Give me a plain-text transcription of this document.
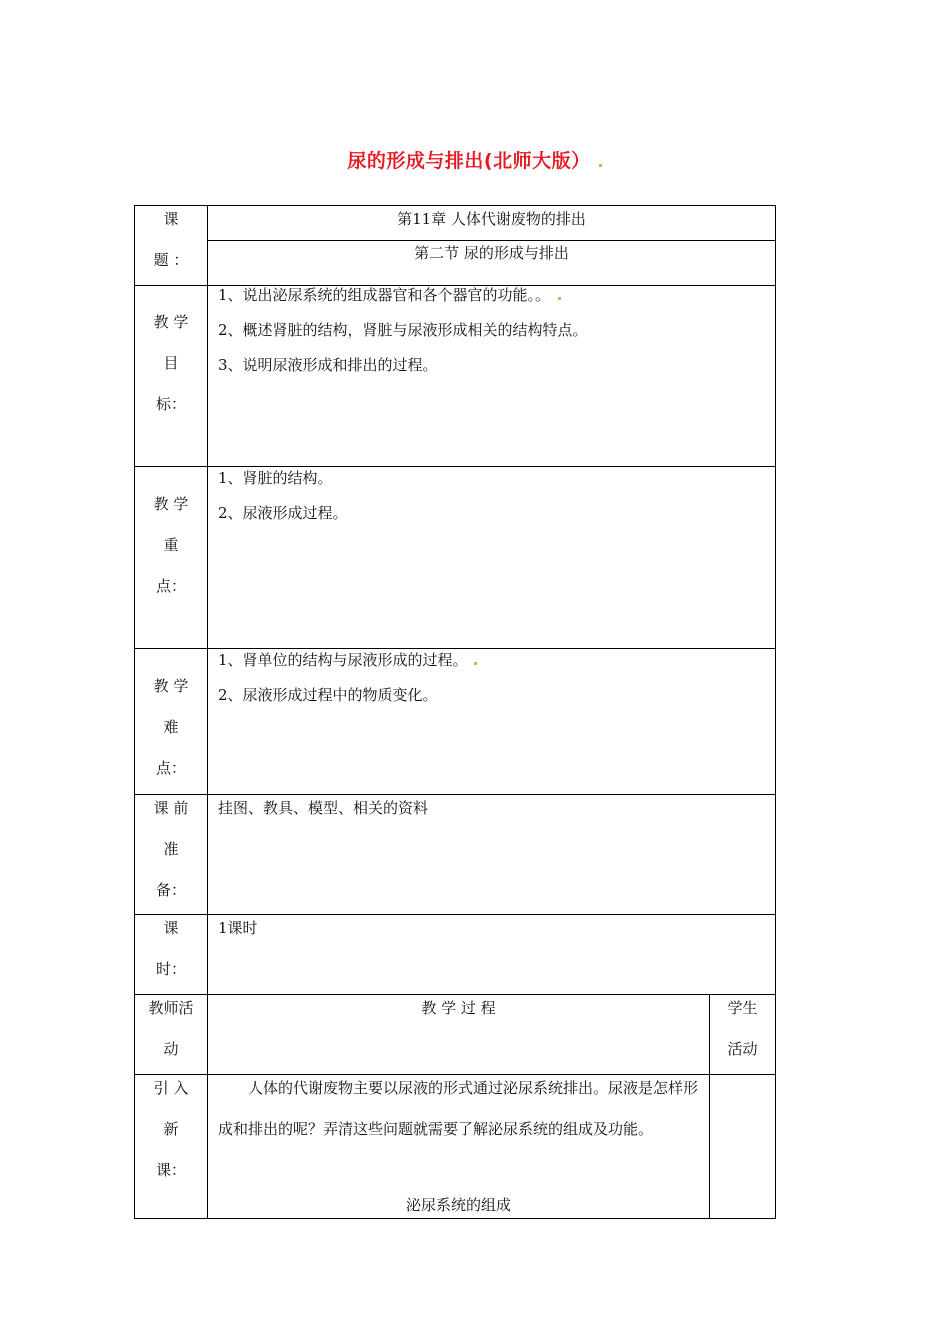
尿的形成与排出(北师大版）
课
题 ：
第11章 人体代谢废物的排出
第二节 尿的形成与排出
教 学
目
标：
1、说出泌尿系统的组成器官和各个器官的功能。。
2、概述肾脏的结构，肾脏与尿液形成相关的结构特点。
3、说明尿液形成和排出的过程。
教 学
重
点：
1、肾脏的结构。
2、尿液形成过程。
教 学
难
点：
1、肾单位的结构与尿液形成的过程。
2、尿液形成过程中的物质变化。
课 前
准
备：
挂图、教具、模型、相关的资料
课
时：
1课时
教师活
动
教 学 过 程	学生
活动
引 入
新
课：
人体的代谢废物主要以尿液的形式通过泌尿系统排出。尿液是怎样形成和排出的呢？弄清这些问题就需要了解泌尿系统的组成及功能。
泌尿系统的组成
